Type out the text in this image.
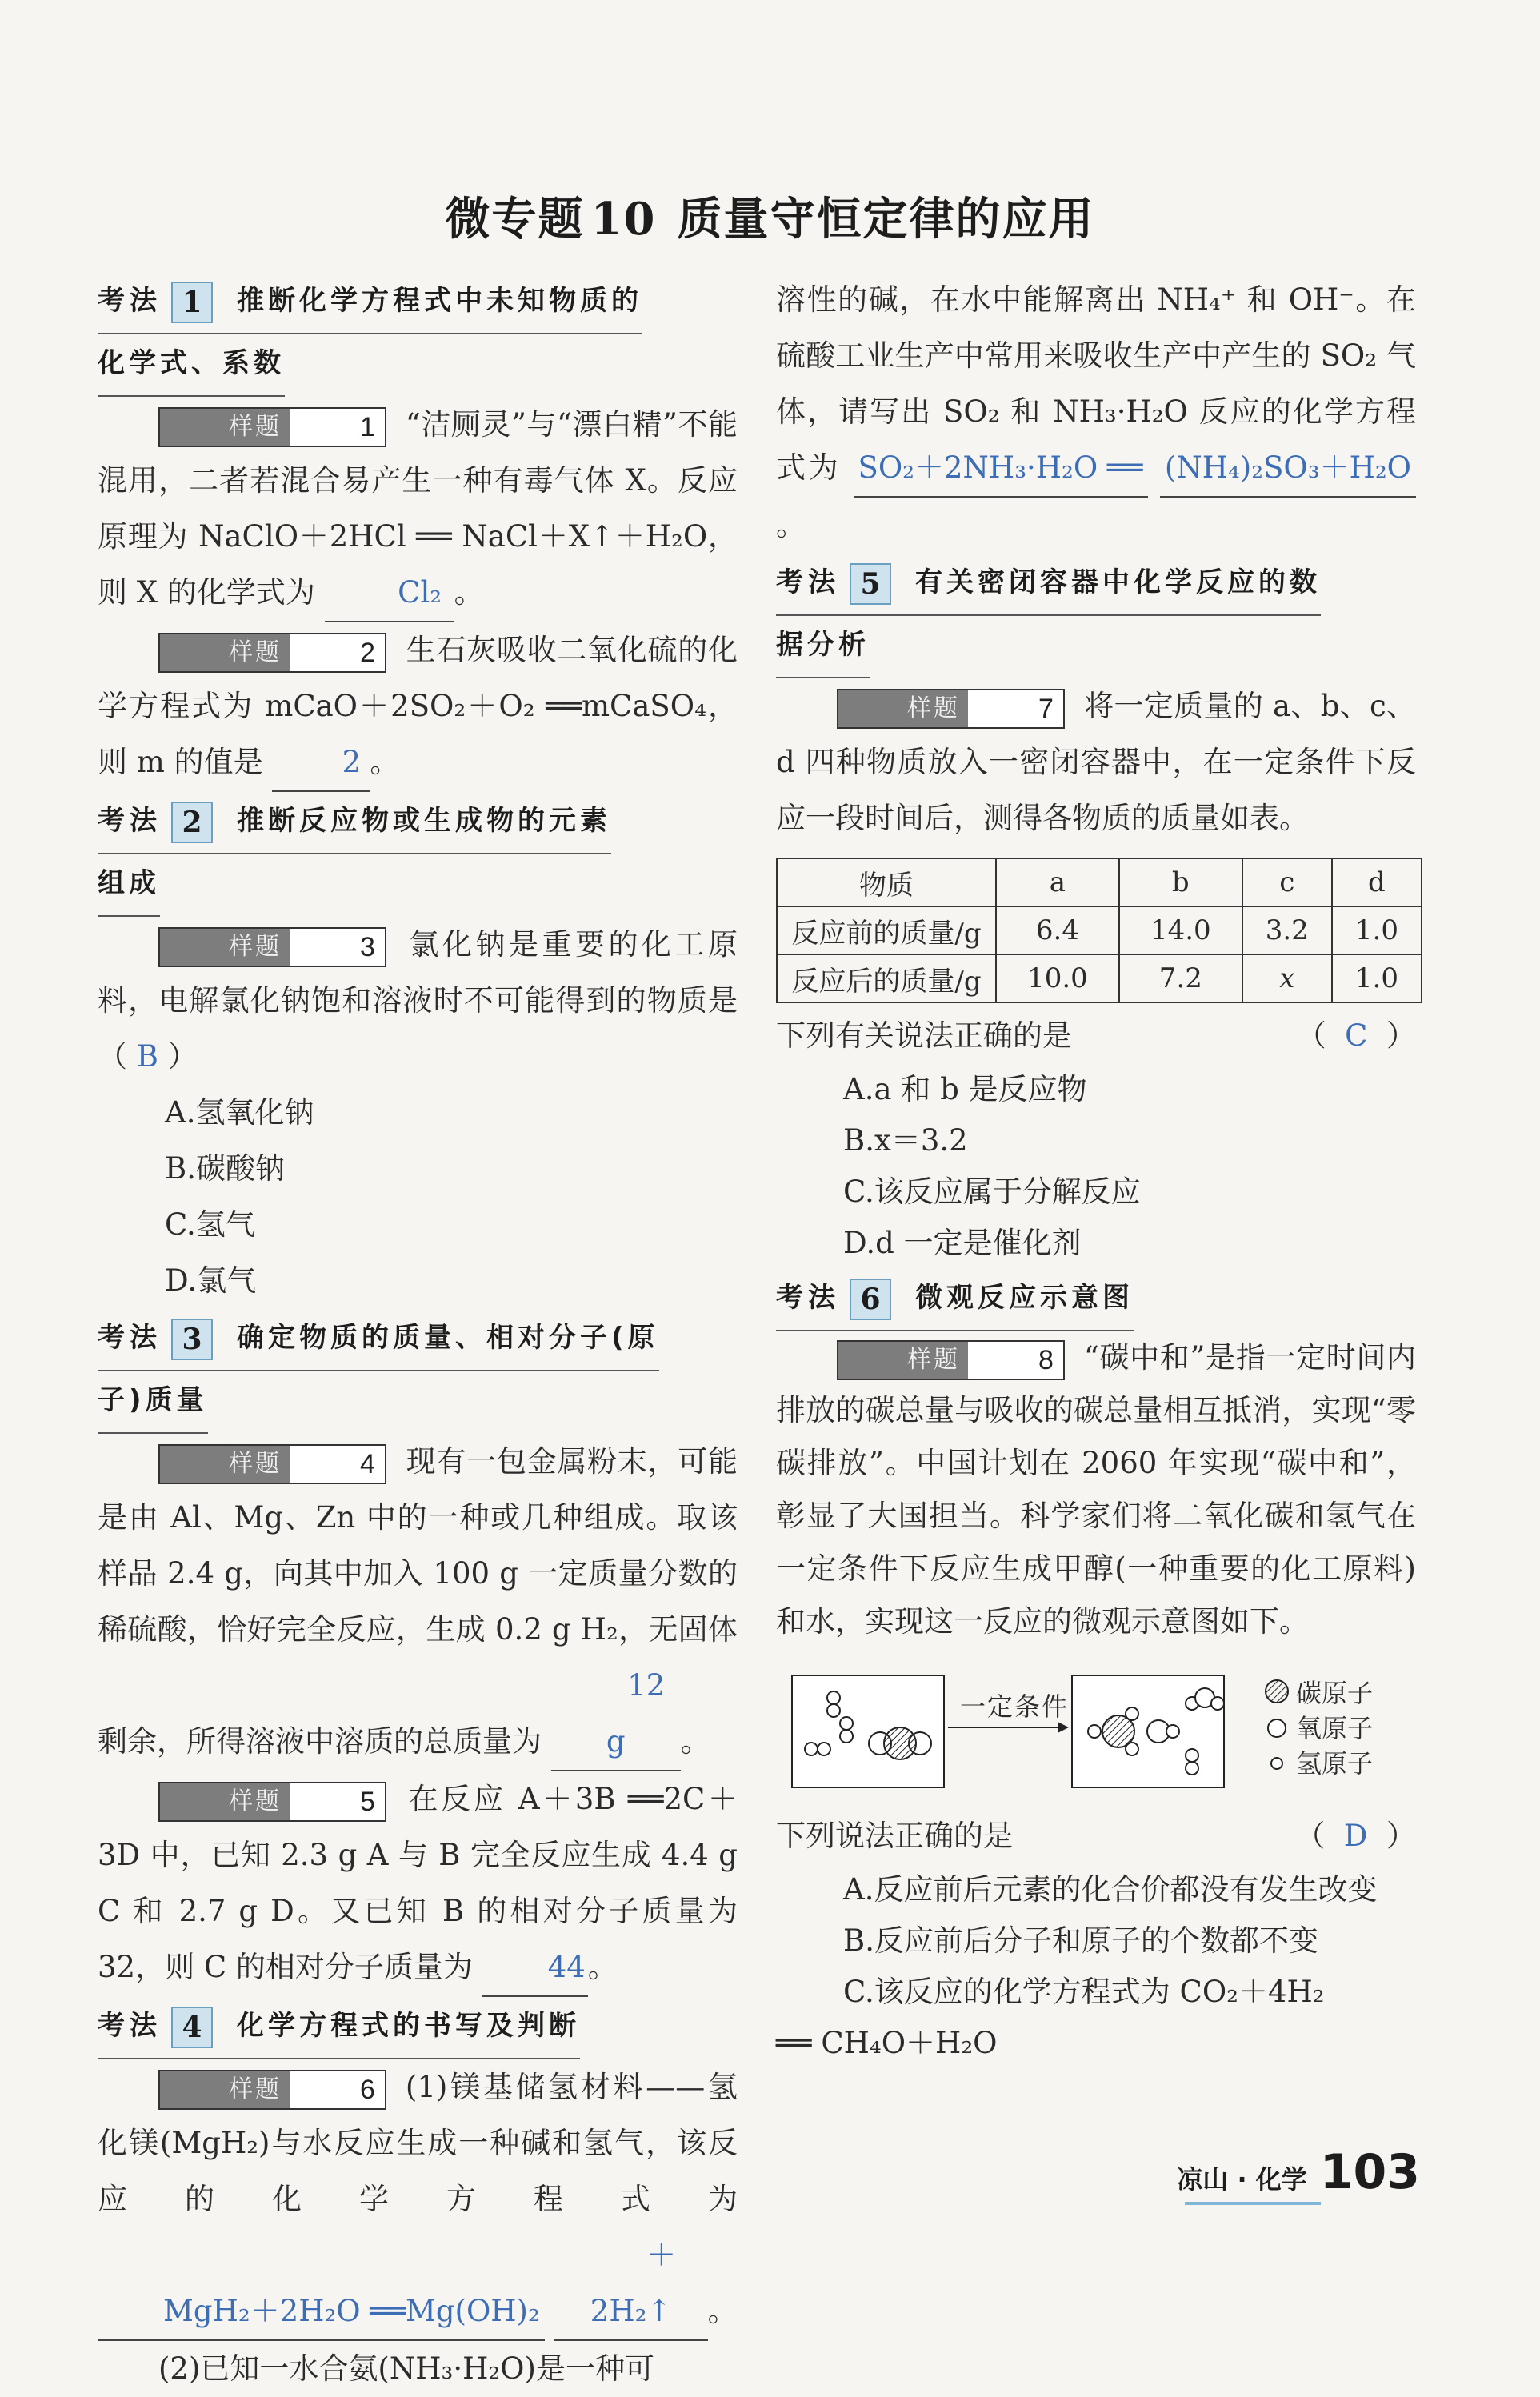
微专题 10 质量守恒定律的应用
考法 1 推断化学方程式中未知物质的
化学式、系数

样题	1	“洁厕灵”与“漂白精”不能混用，二者若混合易产生一种有毒气体 X。反应原理为 NaClO＋2HCl ══ NaCl＋X↑＋H₂O，则 X 的化学式为	Cl₂ 。

样题	2	生石灰吸收二氧化硫的化学方程式为 mCaO＋2SO₂＋O₂ ══mCaSO₄，则 m 的值是	2 。

考法 2 推断反应物或生成物的元素
组成

样题	3	氯化钠是重要的化工原料，电解氯化钠饱和溶液时不可能得到的物质是（ B ）

A.氢氧化钠
B.碳酸钠
C.氢气
D.氯气
考法 3 确定物质的质量、相对分子(原
子)质量

样题	4	现有一包金属粉末，可能是由 Al、Mg、Zn 中的一种或几种组成。取该样品 2.4 g，向其中加入 100 g 一定质量分数的稀硫酸，恰好完全反应，生成 0.2 g H₂，无固体剩余，所得溶液中溶质的总质量为 12 g 。

样题	5	在反应 A＋3B ══2C＋3D 中，已知 2.3 g A 与 B 完全反应生成 4.4 g C 和 2.7 g D。又已知 B 的相对分子质量为 32，则 C 的相对分子质量为	44。

考法 4 化学方程式的书写及判断

样题	6	(1)镁基储氢材料——氢化镁(MgH₂)与水反应生成一种碱和氢气，该反应的化学方程式为 MgH₂＋2H₂O ══Mg(OH)₂ ＋2H₂↑ 。

(2)已知一水合氨(NH₃·H₂O)是一种可

溶性的碱，在水中能解离出 NH₄⁺ 和 OH⁻。在硫酸工业生产中常用来吸收生产中产生的 SO₂ 气体，请写出 SO₂ 和 NH₃·H₂O 反应的化学方程式为 SO₂＋2NH₃·H₂O ══ (NH₄)₂SO₃＋H₂O。

考法 5 有关密闭容器中化学反应的数
据分析

样题	7	将一定质量的 a、b、c、d 四种物质放入一密闭容器中，在一定条件下反应一段时间后，测得各物质的质量如表。

物质	a	b	c	d
反应前的质量/g	6.4	14.0	3.2	1.0
反应后的质量/g	10.0	7.2	x	1.0

下列有关说法正确的是	（  C  ）

A.a 和 b 是反应物
B.x＝3.2
C.该反应属于分解反应
D.d 一定是催化剂
考法 6 微观反应示意图

样题	8	“碳中和”是指一定时间内排放的碳总量与吸收的碳总量相互抵消，实现“零碳排放”。中国计划在 2060 年实现“碳中和”，彰显了大国担当。科学家们将二氧化碳和氢气在一定条件下反应生成甲醇(一种重要的化工原料)和水，实现这一反应的微观示意图如下。

一定条件	碳原子
氧原子
氢原子

下列说法正确的是	（  D  ）

A.反应前后元素的化合价都没有发生改变
B.反应前后分子和原子的个数都不变
C.该反应的化学方程式为 CO₂＋4H₂
══ CH₄O＋H₂O
凉山 · 化学 103
